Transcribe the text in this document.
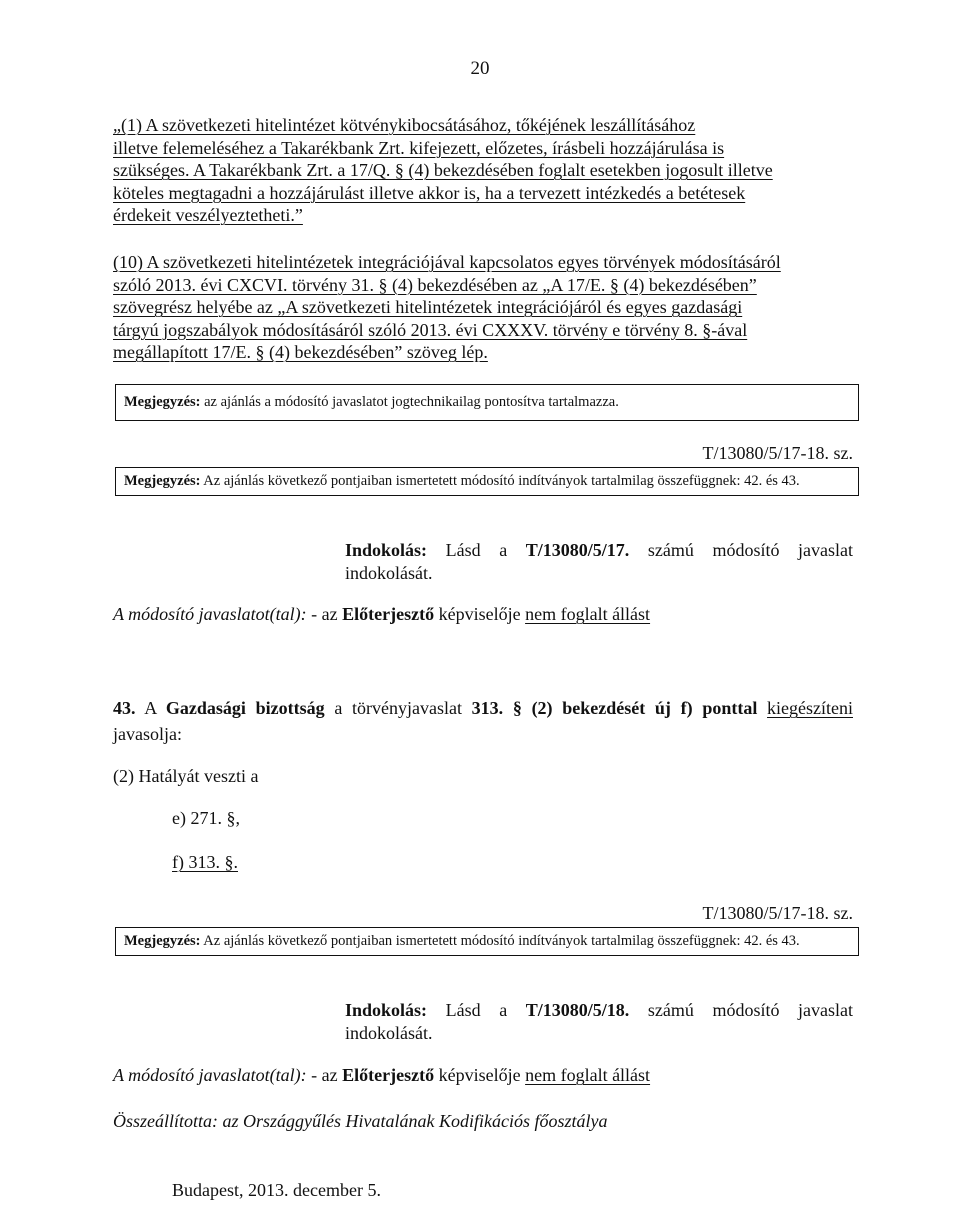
20
„(1) A szövetkezeti hitelintézet kötvénykibocsátásához, tőkéjének leszállításához
illetve felemeléséhez a Takarékbank Zrt. kifejezett, előzetes, írásbeli hozzájárulása is
szükséges. A Takarékbank Zrt. a 17/Q. § (4) bekezdésében foglalt esetekben jogosult illetve
köteles megtagadni a hozzájárulást illetve akkor is, ha a tervezett intézkedés a betétesek
érdekeit veszélyeztetheti.”
(10) A szövetkezeti hitelintézetek integrációjával kapcsolatos egyes törvények módosításáról
szóló 2013. évi CXCVI. törvény 31. § (4) bekezdésében az „A 17/E. § (4) bekezdésében”
szövegrész helyébe az „A szövetkezeti hitelintézetek integrációjáról és egyes gazdasági
tárgyú jogszabályok módosításáról szóló 2013. évi CXXXV. törvény e törvény 8. §-ával
megállapított 17/E. § (4) bekezdésében” szöveg lép.
Megjegyzés: az ajánlás a módosító javaslatot jogtechnikailag pontosítva tartalmazza.
T/13080/5/17-18. sz.
Megjegyzés: Az ajánlás következő pontjaiban ismertetett módosító indítványok tartalmilag összefüggnek: 42. és 43.
Indokolás: Lásd a T/13080/5/17. számú módosító javaslat indokolását.
A módosító javaslatot(tal): - az Előterjesztő képviselője nem foglalt állást
43. A Gazdasági bizottság a törvényjavaslat 313. § (2) bekezdését új f) ponttal kiegészíteni javasolja:
(2) Hatályát veszti a
e) 271. §,
f) 313. §.
T/13080/5/17-18. sz.
Megjegyzés: Az ajánlás következő pontjaiban ismertetett módosító indítványok tartalmilag összefüggnek: 42. és 43.
Indokolás: Lásd a T/13080/5/18. számú módosító javaslat indokolását.
A módosító javaslatot(tal): - az Előterjesztő képviselője nem foglalt állást
Összeállította: az Országgyűlés Hivatalának Kodifikációs főosztálya
Budapest, 2013. december 5.
